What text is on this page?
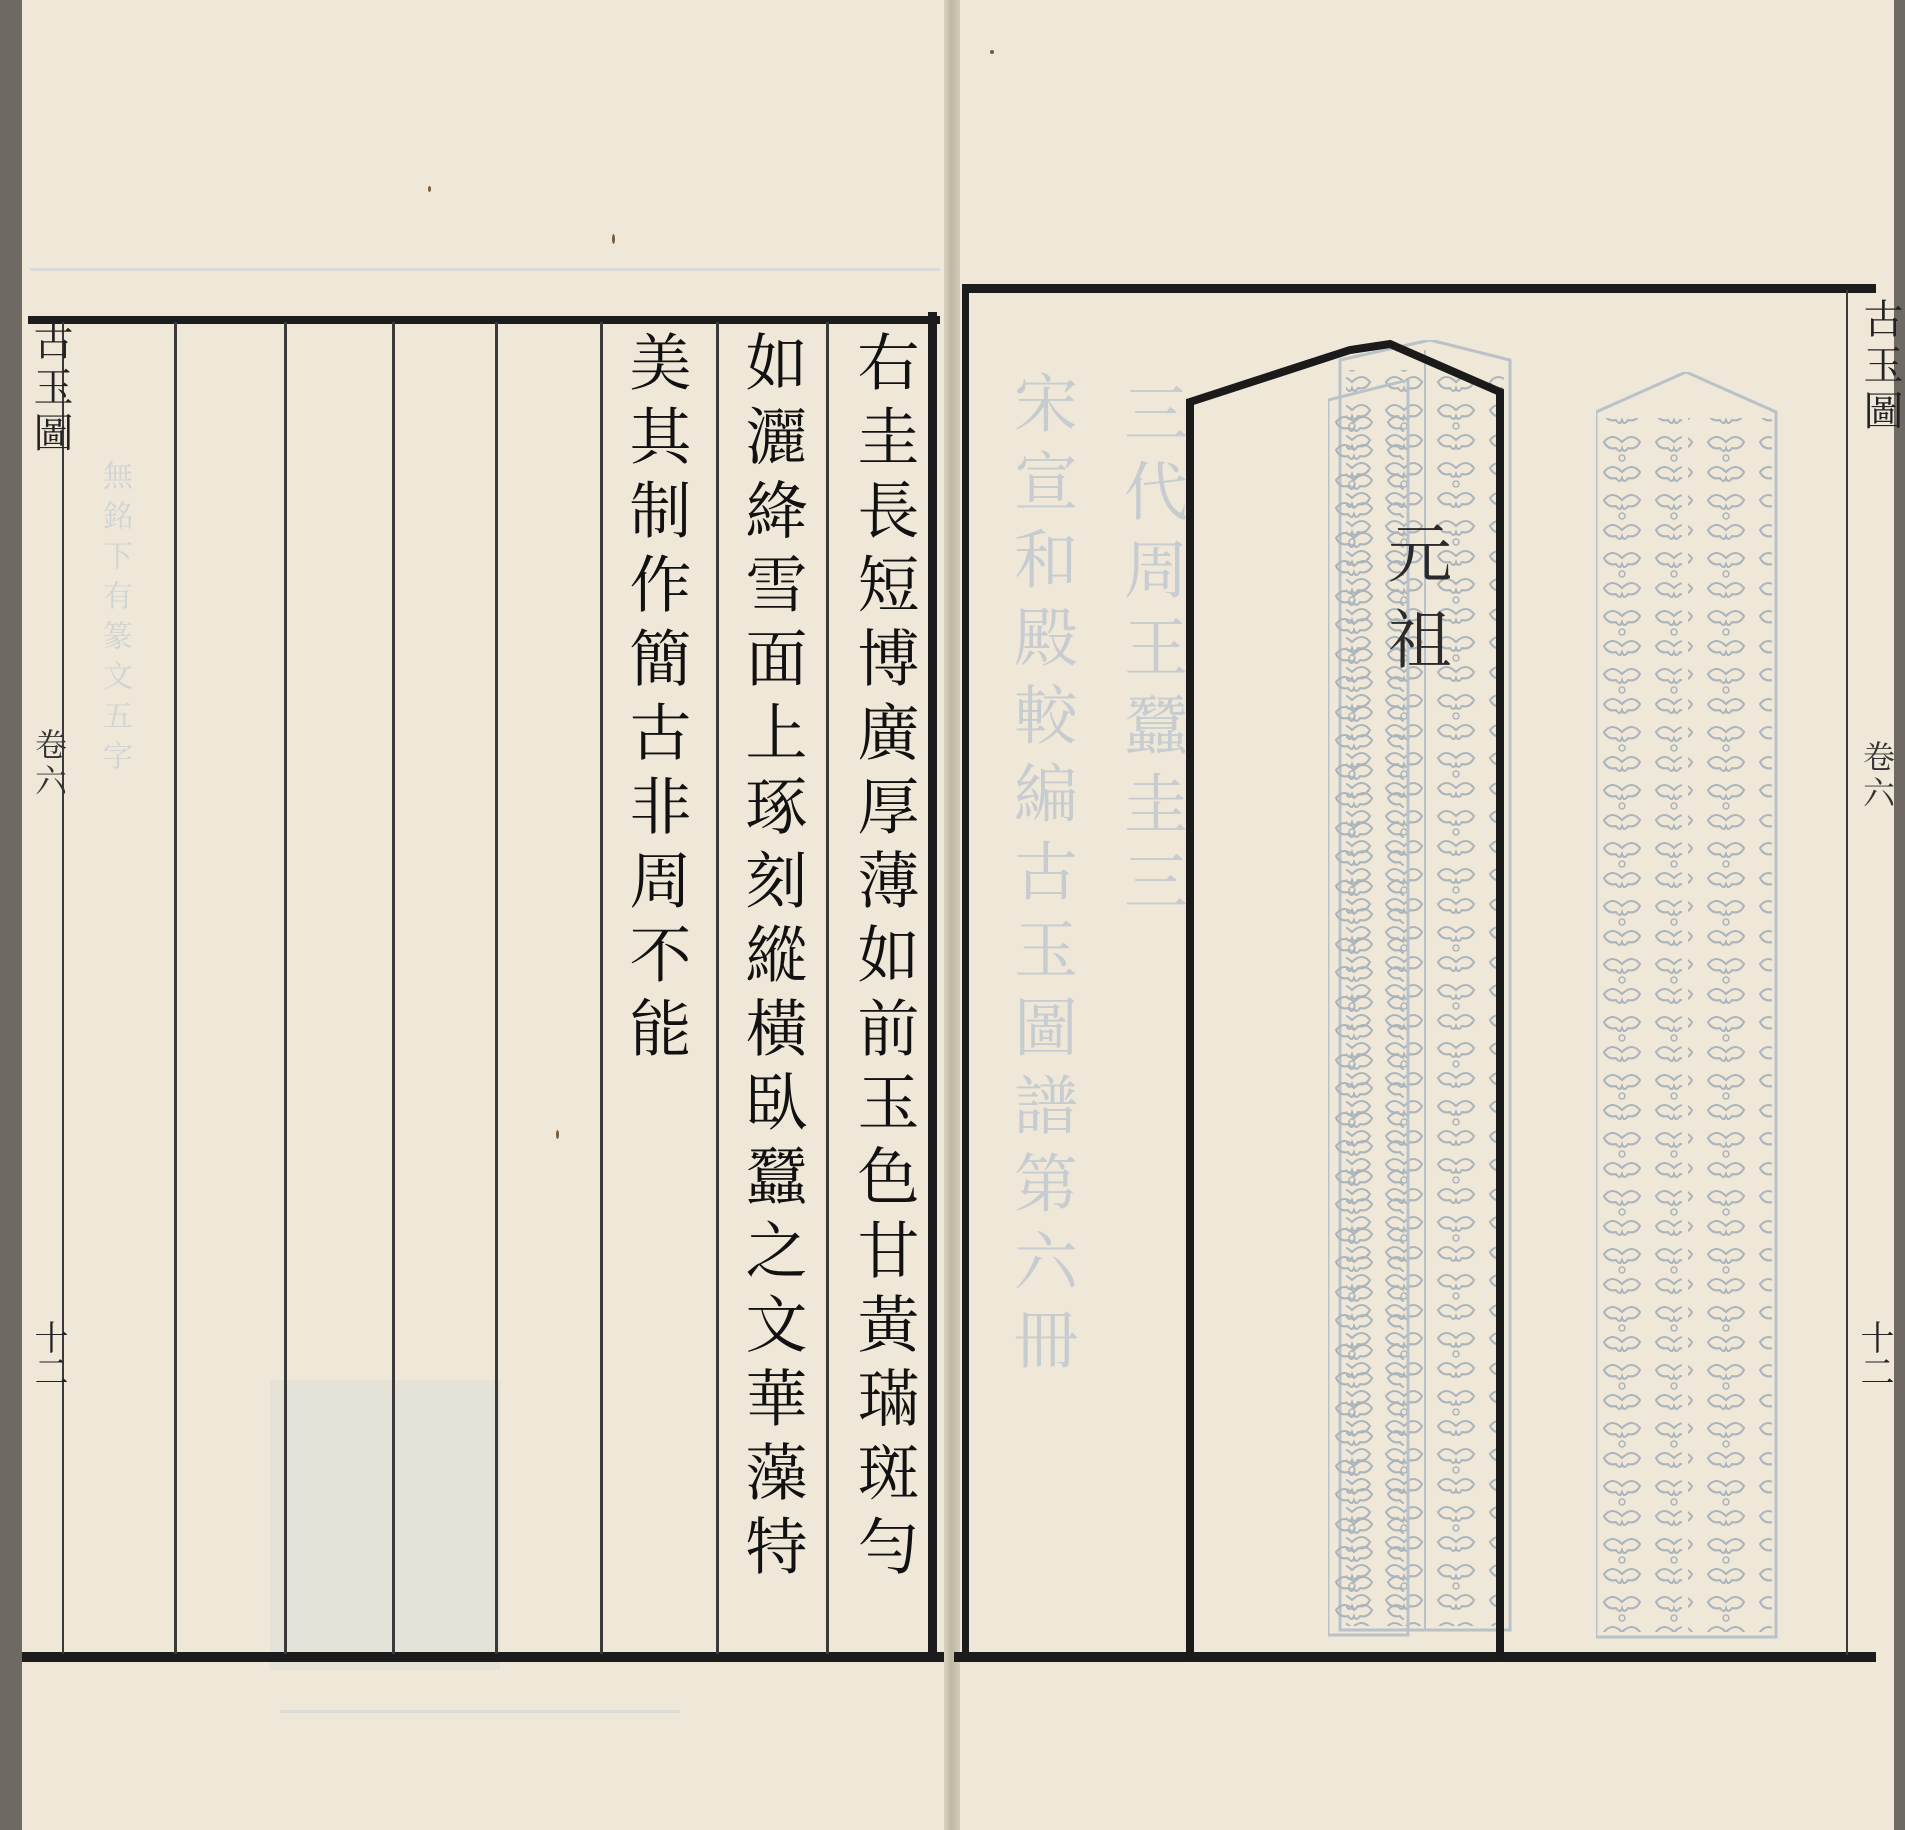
無銘下有篆文五字
古玉圖
卷六
十二	右圭長短博廣厚薄如前玉色甘黃璊斑勻
如灑絳雪面上琢刻縱橫臥蠶之文華藻特
美其制作簡古非周不能	三代周王蠶圭三
宋宣和殿較編古玉圖譜第六冊
古玉圖
卷六
十二
元祖
